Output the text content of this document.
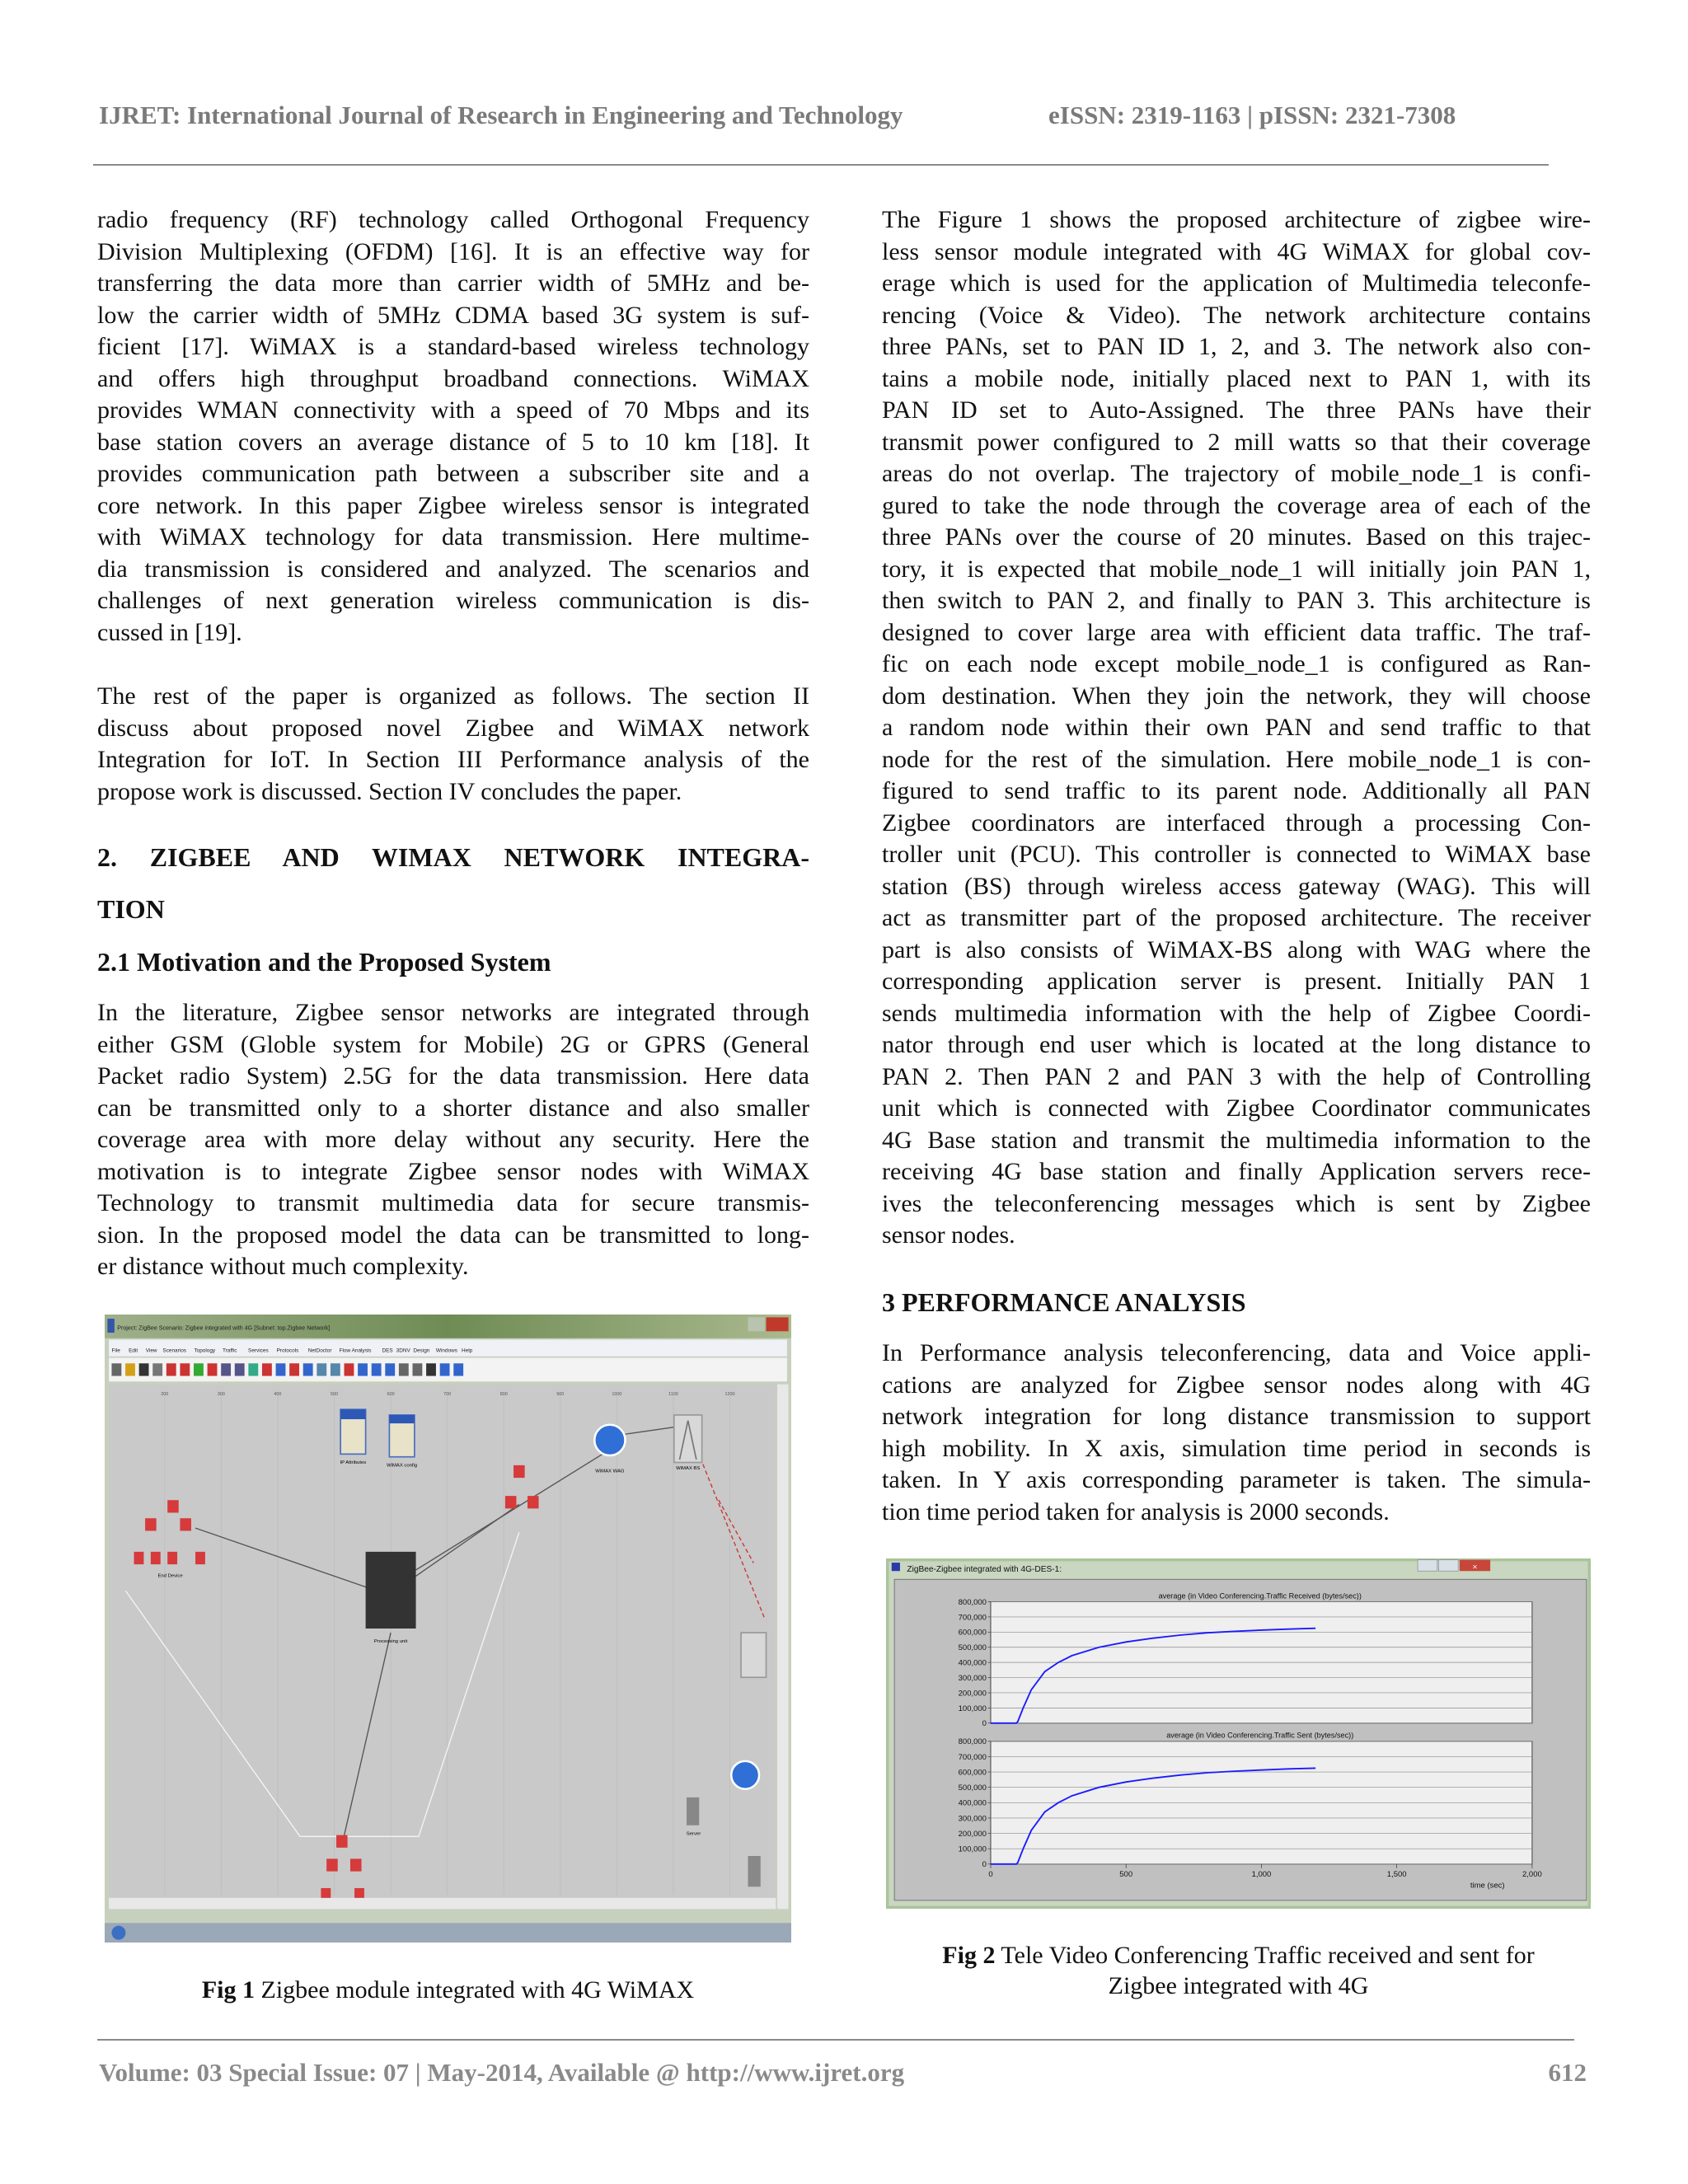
IJRET: International Journal of Research in Engineering and Technology	eISSN: 2319-1163 | pISSN: 2321-7308
radio frequency (RF) technology called Orthogonal Frequency
Division Multiplexing (OFDM) [16]. It is an effective way for
transferring the data more than carrier width of 5MHz and be-
low the carrier width of 5MHz CDMA based 3G system is suf-
ficient [17]. WiMAX is a standard-based wireless technology
and offers high throughput broadband connections. WiMAX
provides WMAN connectivity with a speed of 70 Mbps and its
base station covers an average distance of 5 to 10 km [18]. It
provides communication path between a subscriber site and a
core network. In this paper Zigbee wireless sensor is integrated
with WiMAX technology for data transmission. Here multime-
dia transmission is considered and analyzed. The scenarios and
challenges of next generation wireless communication is dis-
cussed in [19].
The rest of the paper is organized as follows. The section II
discuss about proposed novel Zigbee and WiMAX network
Integration for IoT. In Section III Performance analysis of the
propose work is discussed. Section IV concludes the paper.
2. ZIGBEE AND WIMAX NETWORK INTEGRA-
TION
2.1 Motivation and the Proposed System
In the literature, Zigbee sensor networks are integrated through
either GSM (Globle system for Mobile) 2G or GPRS (General
Packet radio System) 2.5G for the data transmission. Here data
can be transmitted only to a shorter distance and also smaller
coverage area with more delay without any security. Here the
motivation is to integrate Zigbee sensor nodes with WiMAX
Technology to transmit multimedia data for secure transmis-
sion. In the proposed model the data can be transmitted to long-
er distance without much complexity.
Project: ZigBee Scenario: Zigbee integrated with 4G [Subnet: top.Zigbee Network]
File	Edit	View Scenarios Topology Traffic	Services	Protocols	NetDoctor Flow Analysis	DES 3DNV Design Windows Help
200	300	400	500	600	700	800	900	1000	1100	1200
IP Attributes
WiMAX config
WiMAX WAG
WiMAX BS
Processing unit
Server
End Device
Fig 1 Zigbee module integrated with 4G WiMAX
The Figure 1 shows the proposed architecture of zigbee wire-
less sensor module integrated with 4G WiMAX for global cov-
erage which is used for the application of Multimedia teleconfe-
rencing (Voice & Video). The network architecture contains
three PANs, set to PAN ID 1, 2, and 3. The network also con-
tains a mobile node, initially placed next to PAN 1, with its
PAN ID set to Auto-Assigned. The three PANs have their
transmit power configured to 2 mill watts so that their coverage
areas do not overlap. The trajectory of mobile_node_1 is confi-
gured to take the node through the coverage area of each of the
three PANs over the course of 20 minutes. Based on this trajec-
tory, it is expected that mobile_node_1 will initially join PAN 1,
then switch to PAN 2, and finally to PAN 3. This architecture is
designed to cover large area with efficient data traffic. The traf-
fic on each node except mobile_node_1 is configured as Ran-
dom destination. When they join the network, they will choose
a random node within their own PAN and send traffic to that
node for the rest of the simulation. Here mobile_node_1 is con-
figured to send traffic to its parent node. Additionally all PAN
Zigbee coordinators are interfaced through a processing Con-
troller unit (PCU). This controller is connected to WiMAX base
station (BS) through wireless access gateway (WAG). This will
act as transmitter part of the proposed architecture. The receiver
part is also consists of WiMAX-BS along with WAG where the
corresponding application server is present. Initially PAN 1
sends multimedia information with the help of Zigbee Coordi-
nator through end user which is located at the long distance to
PAN 2. Then PAN 2 and PAN 3 with the help of Controlling
unit which is connected with Zigbee Coordinator communicates
4G Base station and transmit the multimedia information to the
receiving 4G base station and finally Application servers rece-
ives the teleconferencing messages which is sent by Zigbee
sensor nodes.
3 PERFORMANCE ANALYSIS
In Performance analysis teleconferencing, data and Voice appli-
cations are analyzed for Zigbee sensor nodes along with 4G
network integration for long distance transmission to support
high mobility. In X axis, simulation time period in seconds is
taken. In Y axis corresponding parameter is taken. The simula-
tion time period taken for analysis is 2000 seconds.
ZigBee-Zigbee integrated with 4G-DES-1:	×
0
100,000
200,000
300,000
400,000
500,000
600,000
700,000
800,000
average (in Video Conferencing.Traffic Received (bytes/sec))
0
100,000
200,000
300,000
400,000
500,000
600,000
700,000
800,000
average (in Video Conferencing.Traffic Sent (bytes/sec))
0	500	1,000	1,500	2,000
time (sec)
Fig 2 Tele Video Conferencing Traffic received and sent for
Zigbee integrated with 4G
Volume: 03 Special Issue: 07 | May-2014, Available @ http://www.ijret.org	612
